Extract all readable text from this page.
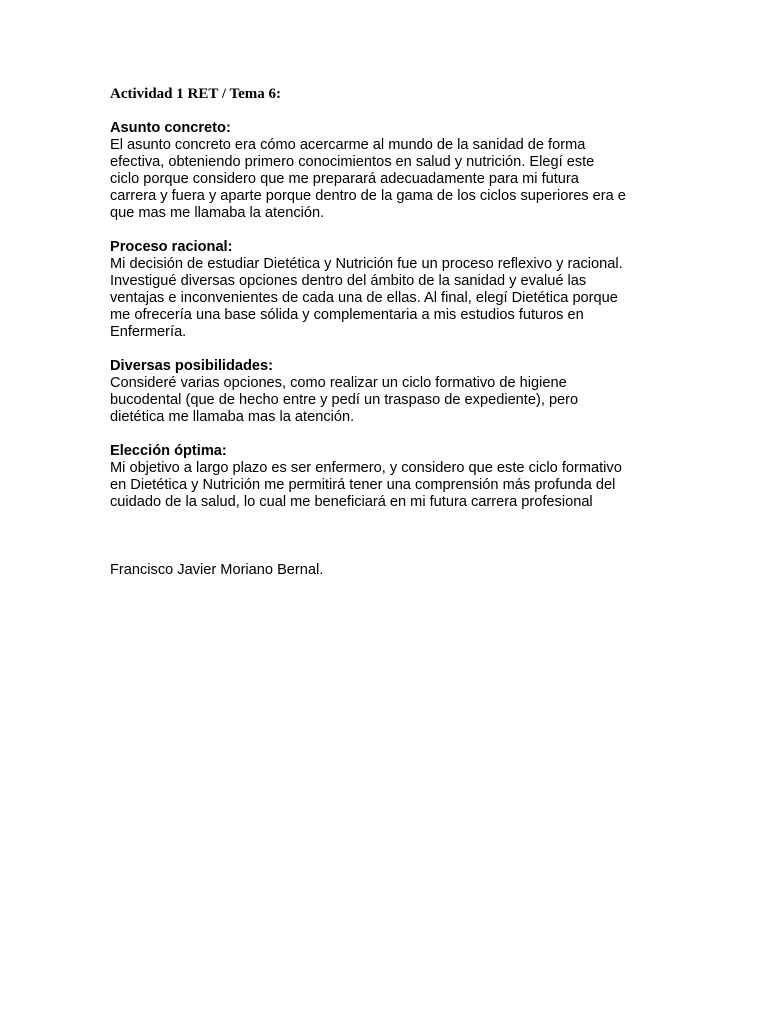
Actividad 1 RET / Tema 6:
Asunto concreto:
El asunto concreto era cómo acercarme al mundo de la sanidad de forma
efectiva, obteniendo primero conocimientos en salud y nutrición. Elegí este
ciclo porque considero que me preparará adecuadamente para mi futura
carrera y fuera y aparte porque dentro de la gama de los ciclos superiores era e
que mas me llamaba la atención.
Proceso racional:
Mi decisión de estudiar Dietética y Nutrición fue un proceso reflexivo y racional.
Investigué diversas opciones dentro del ámbito de la sanidad y evalué las
ventajas e inconvenientes de cada una de ellas. Al final, elegí Dietética porque
me ofrecería una base sólida y complementaria a mis estudios futuros en
Enfermería.
Diversas posibilidades:
Consideré varias opciones, como realizar un ciclo formativo de higiene
bucodental (que de hecho entre y pedí un traspaso de expediente), pero
dietética me llamaba mas la atención.
Elección óptima:
Mi objetivo a largo plazo es ser enfermero, y considero que este ciclo formativo
en Dietética y Nutrición me permitirá tener una comprensión más profunda del
cuidado de la salud, lo cual me beneficiará en mi futura carrera profesional
Francisco Javier Moriano Bernal.
